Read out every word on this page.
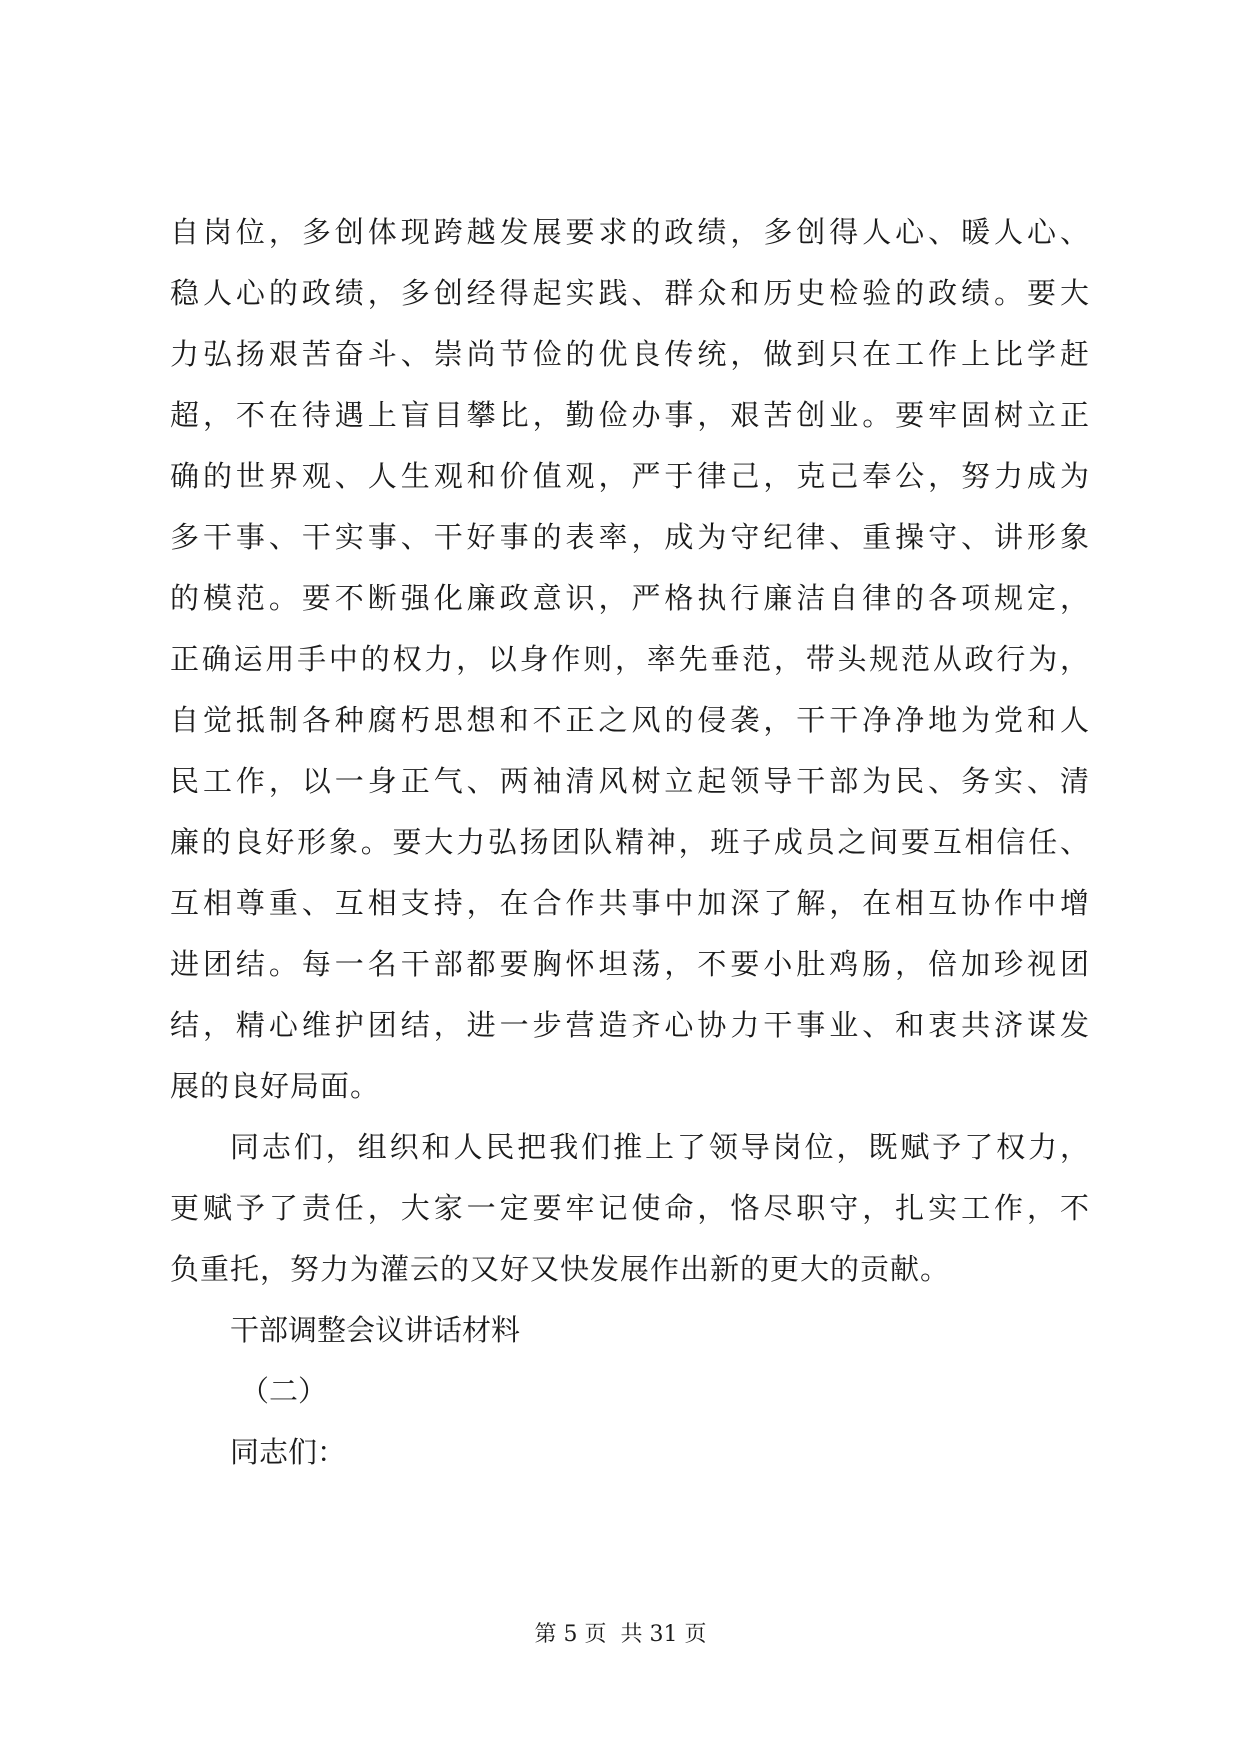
自岗位，多创体现跨越发展要求的政绩，多创得人心、暖人心、
稳人心的政绩，多创经得起实践、群众和历史检验的政绩。要大
力弘扬艰苦奋斗、崇尚节俭的优良传统，做到只在工作上比学赶
超，不在待遇上盲目攀比，勤俭办事，艰苦创业。要牢固树立正
确的世界观、人生观和价值观，严于律己，克己奉公，努力成为
多干事、干实事、干好事的表率，成为守纪律、重操守、讲形象
的模范。要不断强化廉政意识，严格执行廉洁自律的各项规定，
正确运用手中的权力，以身作则，率先垂范，带头规范从政行为，
自觉抵制各种腐朽思想和不正之风的侵袭，干干净净地为党和人
民工作，以一身正气、两袖清风树立起领导干部为民、务实、清
廉的良好形象。要大力弘扬团队精神，班子成员之间要互相信任、
互相尊重、互相支持，在合作共事中加深了解，在相互协作中增
进团结。每一名干部都要胸怀坦荡，不要小肚鸡肠，倍加珍视团
结，精心维护团结，进一步营造齐心协力干事业、和衷共济谋发
展的良好局面。
同志们，组织和人民把我们推上了领导岗位，既赋予了权力，
更赋予了责任，大家一定要牢记使命，恪尽职守，扎实工作，不
负重托，努力为灌云的又好又快发展作出新的更大的贡献。
干部调整会议讲话材料
（二）
同志们：
第 5 页  共 31 页
